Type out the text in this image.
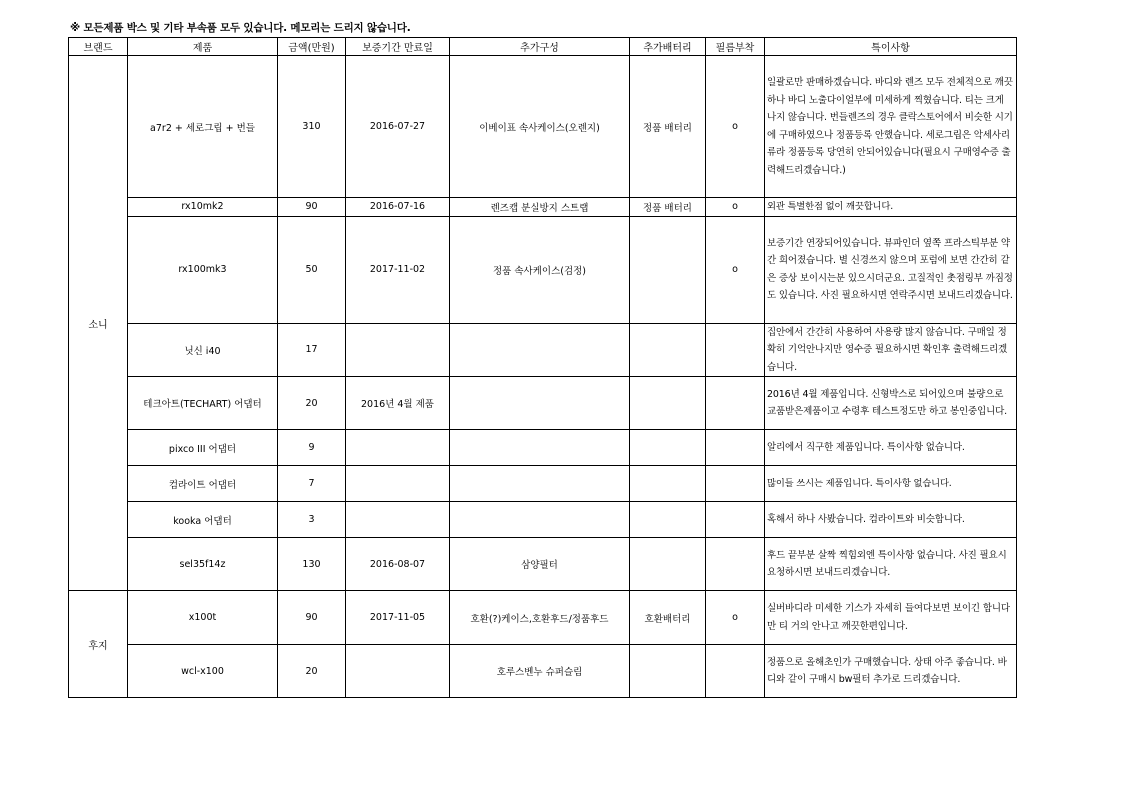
※ 모든제품 박스 및 기타 부속품 모두 있습니다. 메모리는 드리지 않습니다.
브랜드	제품	금액(만원)	보증기간 만료일	추가구성	추가배터리	필름부착	특이사항
소니	a7r2 + 세로그립 + 번들	310	2016-07-27	이베이표 속사케이스(오렌지)	정품 배터리	o	일괄로만 판매하겠습니다. 바디와 렌즈 모두 전체적으로 깨끗하나 바디 노출다이얼부에 미세하게 찍혔습니다. 티는 크게 나지 않습니다. 번들렌즈의 경우 클락스토어에서 비슷한 시기에 구매하였으나 정품등록 안했습니다. 세로그립은 악세사리류라 정품등록 당연히 안되어있습니다(필요시 구매영수증 출력해드리겠습니다.)
	rx10mk2	90	2016-07-16	렌즈캡 분실방지 스트랩	정품 배터리	o	외관 특별한점 없이 깨끗합니다.
	rx100mk3	50	2017-11-02	정품 속사케이스(검정)		o	보증기간 연장되어있습니다. 뷰파인더 옆쪽 프라스틱부분 약간 희어졌습니다. 별 신경쓰지 않으며 포럼에 보면 간간히 같은 증상 보이시는분 있으시더군요. 고질적인 촛점링부 까짐정도 있습니다. 사진 필요하시면 연락주시면 보내드리겠습니다.
	닛신 i40	17					집안에서 간간히 사용하여 사용량 많지 않습니다. 구매일 정확히 기억안나지만 영수증 필요하시면 확인후 출력해드리겠습니다.
	테크아트(TECHART) 어댑터	20	2016년 4월 제품				2016년 4월 제품입니다. 신형박스로 되어있으며 불량으로 교품받은제품이고 수령후 테스트정도만 하고 봉인중입니다.
	pixco III 어댑터	9					알리에서 직구한 제품입니다. 특이사항 없습니다.
	컴라이트 어댑터	7					많이들 쓰시는 제품입니다. 특이사항 없습니다.
	kooka 어댑터	3					혹해서 하나 사봤습니다. 컴라이트와 비슷합니다.
	sel35f14z	130	2016-08-07	삼양필터			후드 끝부분 살짝 찍힘외엔 특이사항 없습니다. 사진 필요시 요청하시면 보내드리겠습니다.
후지	x100t	90	2017-11-05	호환(?)케이스,호환후드/정품후드	호환배터리	o	실버바디라 미세한 기스가 자세히 들여다보면 보이긴 합니다만 티 거의 안나고 깨끗한편입니다.
	wcl-x100	20		호루스벤누 슈퍼슬림			정품으로 올해초인가 구매했습니다. 상태 아주 좋습니다. 바디와 같이 구매시 bw필터 추가로 드리겠습니다.
